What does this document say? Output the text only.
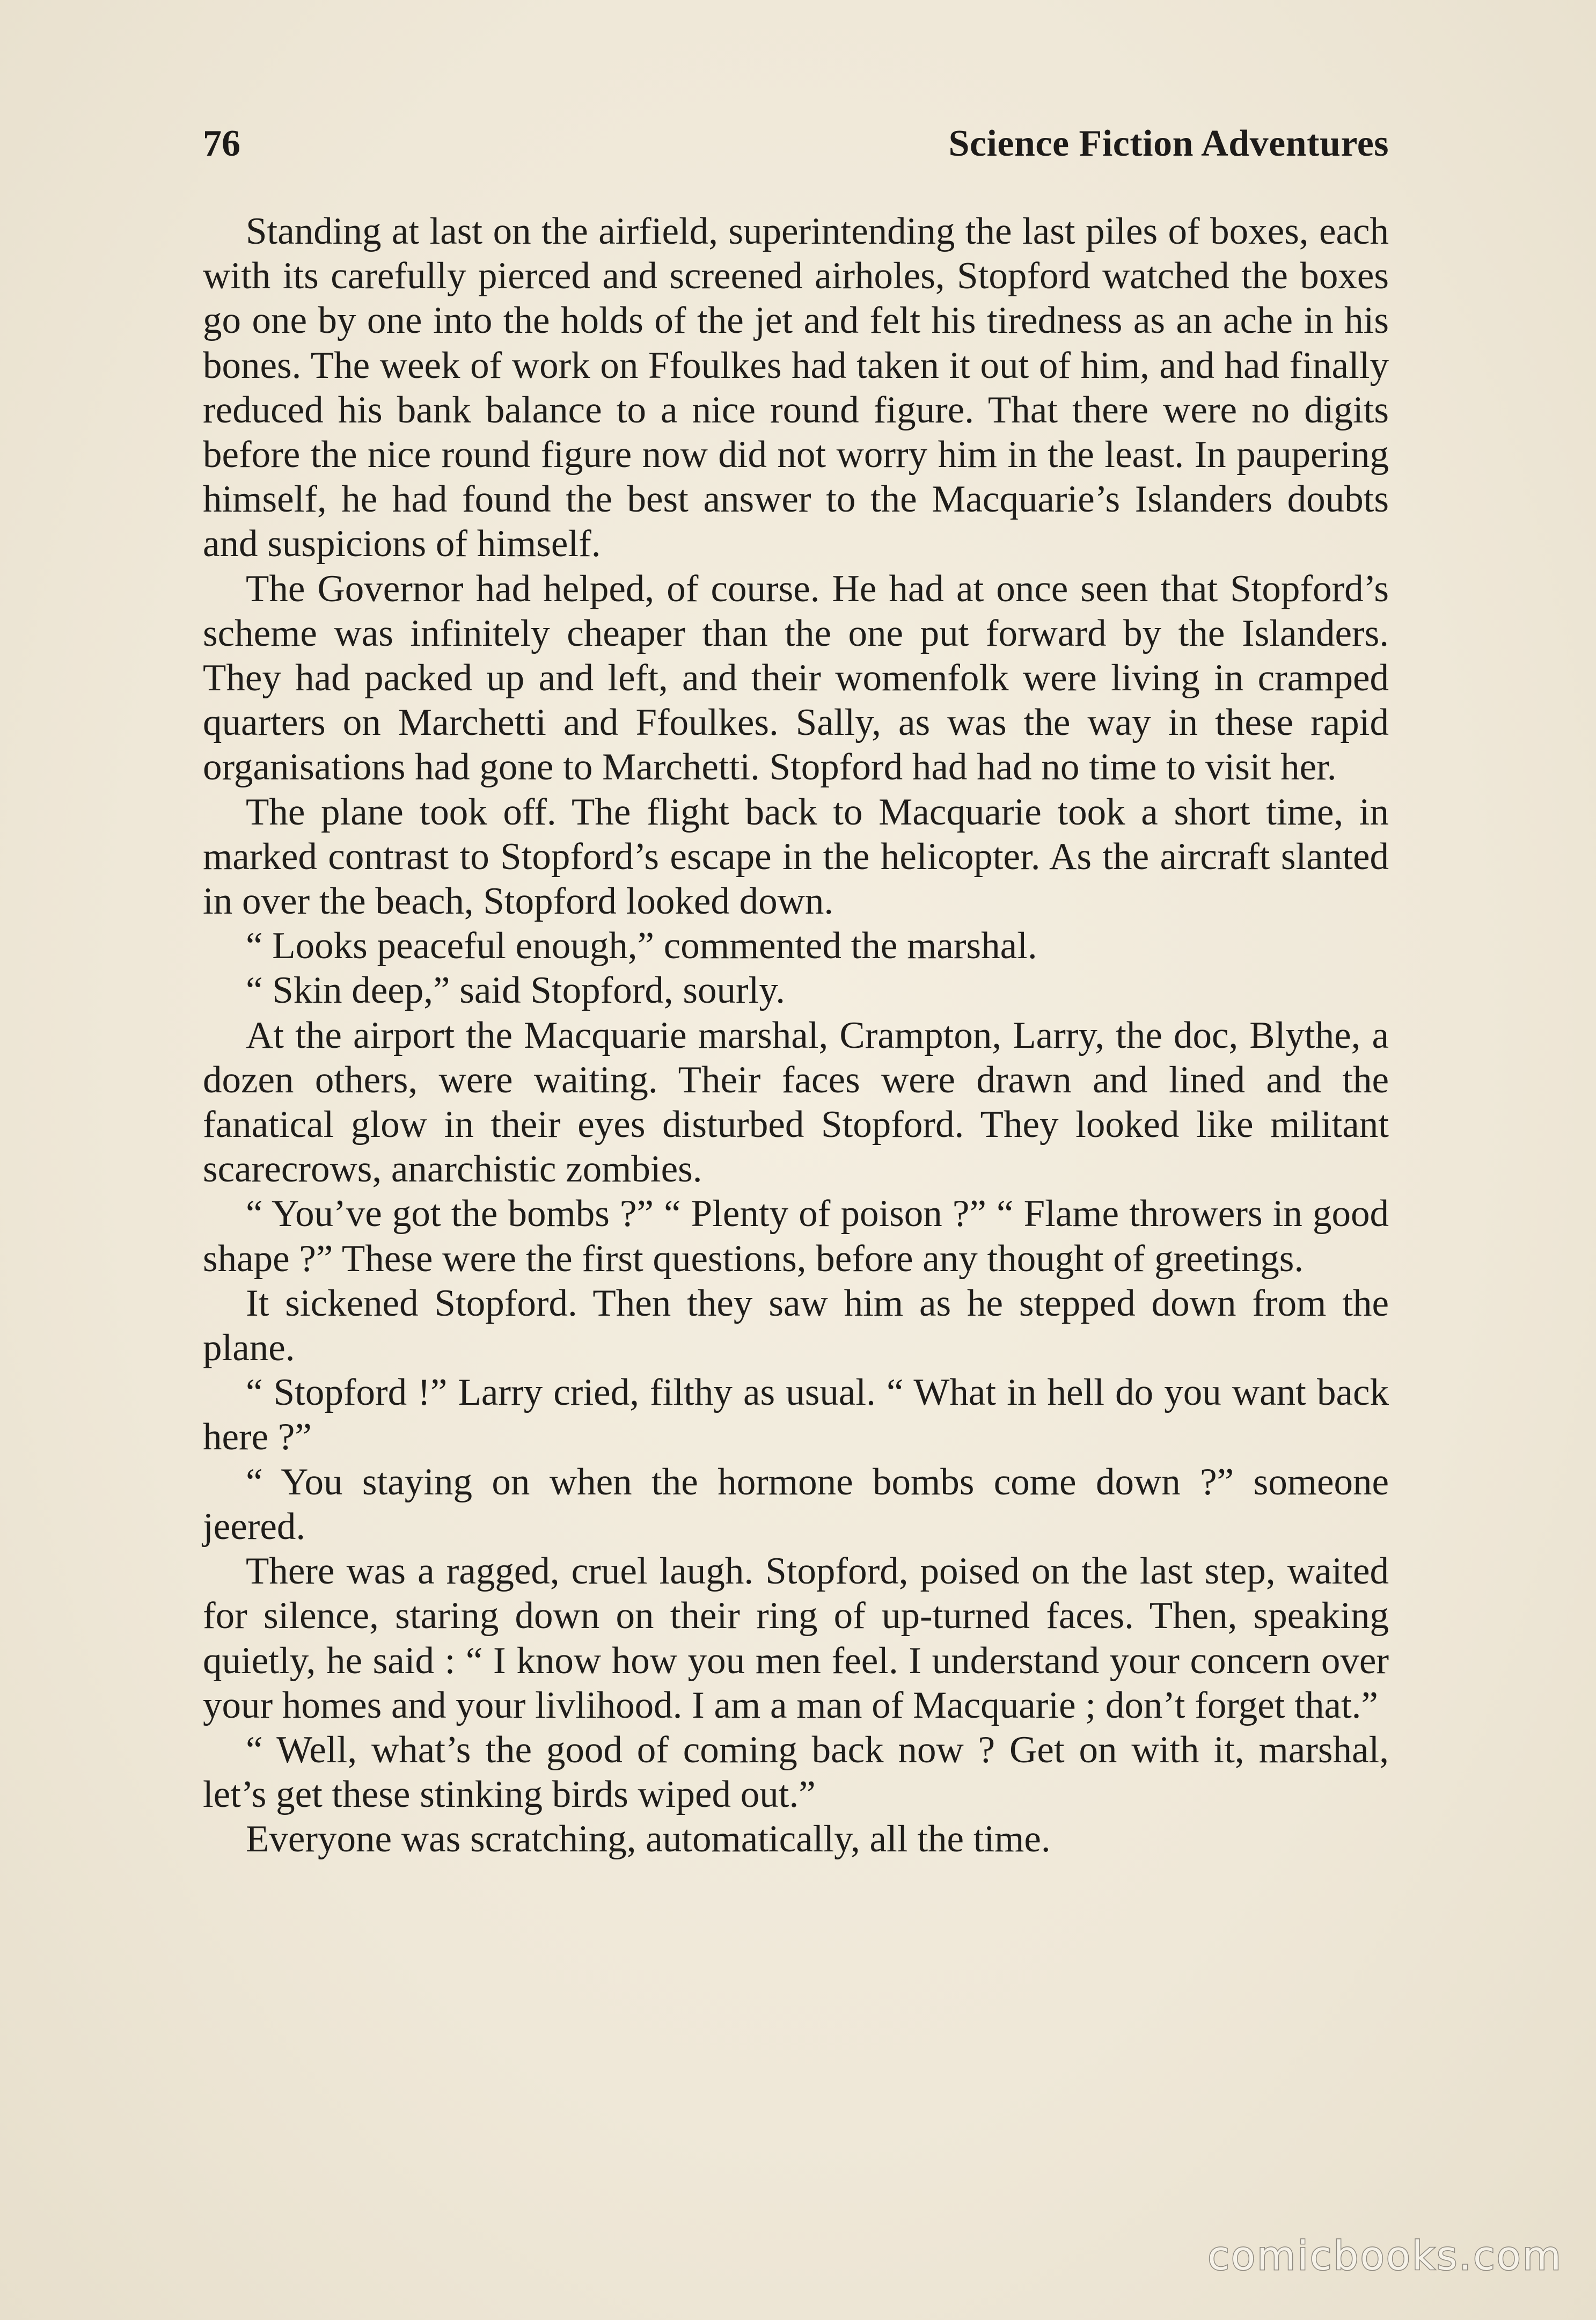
76	Science Fiction Adventures

Standing at last on the airfield, superintending the last piles of boxes, each with its carefully pierced and screened airholes, Stopford watched the boxes go one by one into the holds of the jet and felt his tiredness as an ache in his bones. The week of work on Ffoulkes had taken it out of him, and had finally reduced his bank balance to a nice round figure. That there were no digits before the nice round figure now did not worry him in the least. In paupering himself, he had found the best answer to the Macquarie’s Islanders doubts and suspicions of himself.

The Governor had helped, of course. He had at once seen that Stopford’s scheme was infinitely cheaper than the one put forward by the Islanders. They had packed up and left, and their womenfolk were living in cramped quarters on Marchetti and Ffoulkes. Sally, as was the way in these rapid organisations had gone to Marchetti. Stopford had had no time to visit her.

The plane took off. The flight back to Macquarie took a short time, in marked contrast to Stopford’s escape in the helicopter. As the aircraft slanted in over the beach, Stopford looked down.

“ Looks peaceful enough,” commented the marshal.

“ Skin deep,” said Stopford, sourly.

At the airport the Macquarie marshal, Crampton, Larry, the doc, Blythe, a dozen others, were waiting. Their faces were drawn and lined and the fanatical glow in their eyes disturbed Stopford. They looked like militant scarecrows, anarchistic zombies.

“ You’ve got the bombs ?” “ Plenty of poison ?” “ Flame throwers in good shape ?” These were the first questions, before any thought of greetings.

It sickened Stopford. Then they saw him as he stepped down from the plane.

“ Stopford !” Larry cried, filthy as usual. “ What in hell do you want back here ?”

“ You staying on when the hormone bombs come down ?” someone jeered.

There was a ragged, cruel laugh. Stopford, poised on the last step, waited for silence, staring down on their ring of up-turned faces. Then, speaking quietly, he said : “ I know how you men feel. I understand your concern over your homes and your livlihood. I am a man of Macquarie ; don’t forget that.”

“ Well, what’s the good of coming back now ? Get on with it, marshal, let’s get these stinking birds wiped out.”

Everyone was scratching, automatically, all the time.

comicbooks.com
